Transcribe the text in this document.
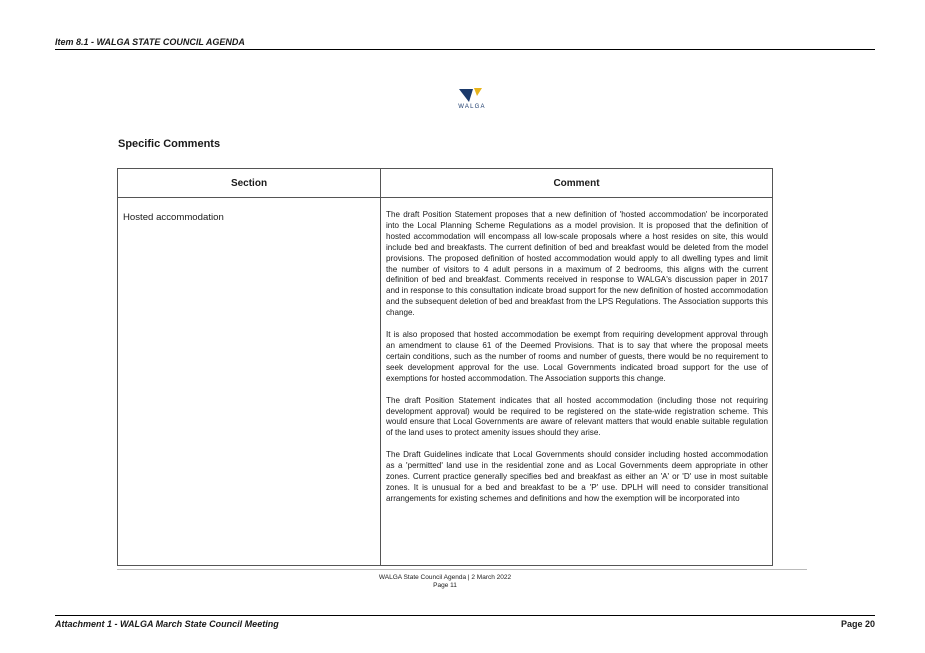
Item 8.1 - WALGA STATE COUNCIL AGENDA
WALGA
Specific Comments
Section	Comment
Hosted accommodation	The draft Position Statement proposes that a new definition of 'hosted accommodation' be incorporated into the Local Planning Scheme Regulations as a model provision. It is proposed that the definition of hosted accommodation will encompass all low-scale proposals where a host resides on site, this would include bed and breakfasts. The current definition of bed and breakfast would be deleted from the model provisions. The proposed definition of hosted accommodation would apply to all dwelling types and limit the number of visitors to 4 adult persons in a maximum of 2 bedrooms, this aligns with the current definition of bed and breakfast. Comments received in response to WALGA's discussion paper in 2017 and in response to this consultation indicate broad support for the new definition of hosted accommodation and the subsequent deletion of bed and breakfast from the LPS Regulations. The Association supports this change.

It is also proposed that hosted accommodation be exempt from requiring development approval through an amendment to clause 61 of the Deemed Provisions. That is to say that where the proposal meets certain conditions, such as the number of rooms and number of guests, there would be no requirement to seek development approval for the use. Local Governments indicated broad support for the use of exemptions for hosted accommodation. The Association supports this change.

The draft Position Statement indicates that all hosted accommodation (including those not requiring development approval) would be required to be registered on the state-wide registration scheme. This would ensure that Local Governments are aware of relevant matters that would enable suitable regulation of the land uses to protect amenity issues should they arise.

The Draft Guidelines indicate that Local Governments should consider including hosted accommodation as a 'permitted' land use in the residential zone and as Local Governments deem appropriate in other zones. Current practice generally specifies bed and breakfast as either an 'A' or 'D' use in most suitable zones. It is unusual for a bed and breakfast to be a 'P' use. DPLH will need to consider transitional arrangements for existing schemes and definitions and how the exemption will be incorporated into

WALGA State Council Agenda | 2 March 2022
Page 11
Attachment 1 - WALGA March State Council Meeting	Page 20
